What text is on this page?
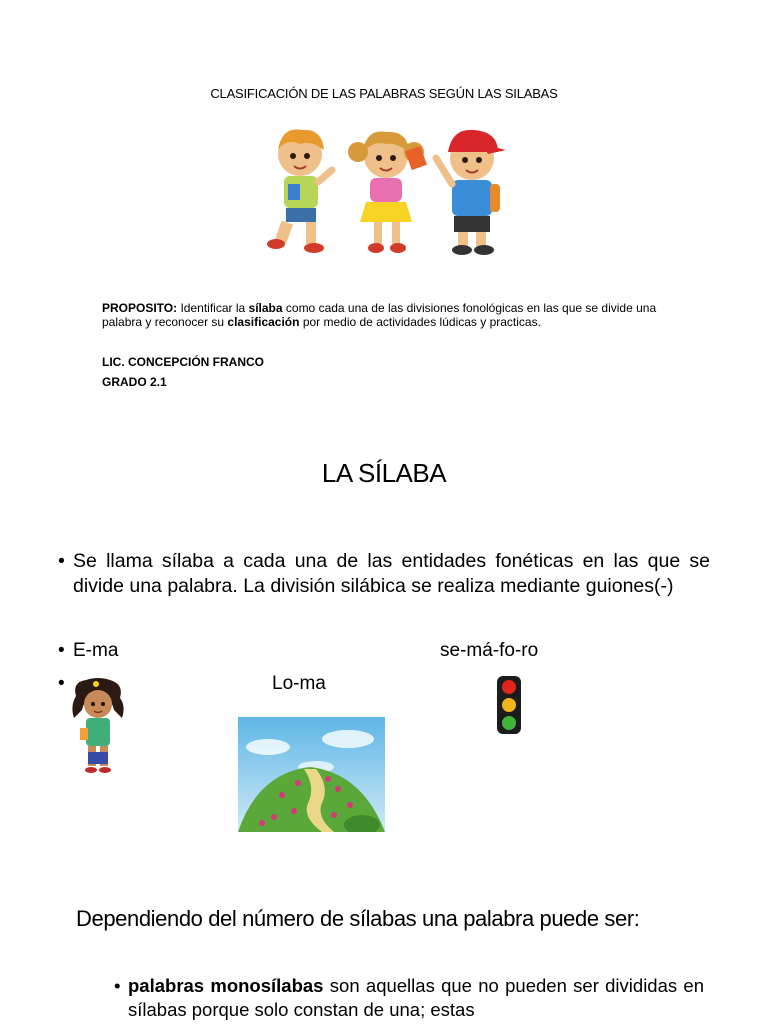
CLASIFICACIÓN DE LAS PALABRAS SEGÚN LAS SILABAS
PROPOSITO: Identificar la sílaba como cada una de las divisiones fonológicas en las que se divide una palabra y reconocer su clasificación por medio de actividades lúdicas y practicas.
LIC. CONCEPCIÓN FRANCO
GRADO 2.1
LA SÍLABA
• Se llama sílaba a cada una de las entidades fonéticas en las que se divide una palabra. La división silábica se realiza mediante guiones(-)
• E-ma	se-má-fo-ro
•	Lo-ma
Dependiendo del número de sílabas una palabra puede ser:
• palabras monosílabas son aquellas que no pueden ser divididas en sílabas porque solo constan de una; estas
